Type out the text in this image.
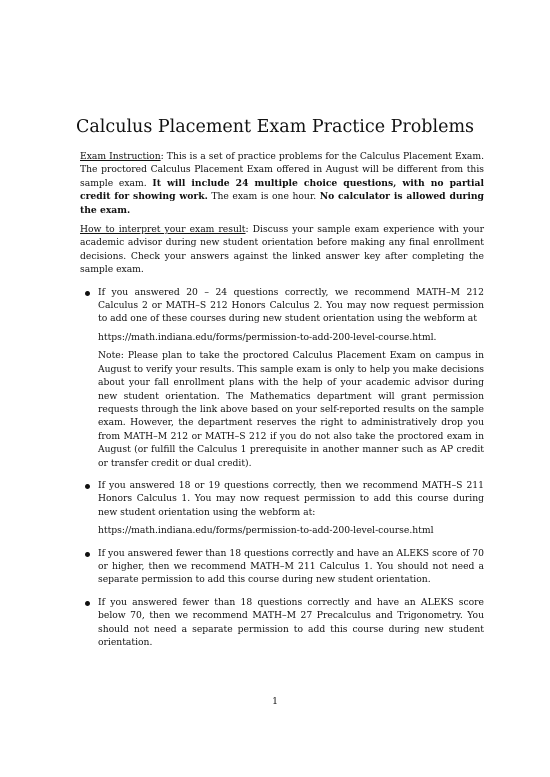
Calculus Placement Exam Practice Problems

Exam Instruction: This is a set of practice problems for the Calculus Placement Exam. The proctored Calculus Placement Exam offered in August will be different from this sample exam. It will include 24 multiple choice questions, with no partial credit for showing work. The exam is one hour. No calculator is allowed during the exam.

How to interpret your exam result: Discuss your sample exam experience with your academic advisor during new student orientation before making any final enrollment decisions. Check your answers against the linked answer key after completing the sample exam.

If you answered 20 – 24 questions correctly, we recommend MATH–M 212 Calculus 2 or MATH–S 212 Honors Calculus 2. You may now request permission to add one of these courses during new student orientation using the webform at

https://math.indiana.edu/forms/permission-to-add-200-level-course.html.

Note: Please plan to take the proctored Calculus Placement Exam on campus in August to verify your results. This sample exam is only to help you make decisions about your fall enrollment plans with the help of your academic advisor during new student orientation. The Mathematics department will grant permission requests through the link above based on your self-reported results on the sample exam. However, the department reserves the right to administratively drop you from MATH–M 212 or MATH–S 212 if you do not also take the proctored exam in August (or fulfill the Calculus 1 prerequisite in another manner such as AP credit or transfer credit or dual credit).

If you answered 18 or 19 questions correctly, then we recommend MATH–S 211 Honors Calculus 1. You may now request permission to add this course during new student orientation using the webform at:

https://math.indiana.edu/forms/permission-to-add-200-level-course.html

If you answered fewer than 18 questions correctly and have an ALEKS score of 70 or higher, then we recommend MATH–M 211 Calculus 1. You should not need a separate permission to add this course during new student orientation.

If you answered fewer than 18 questions correctly and have an ALEKS score below 70, then we recommend MATH–M 27 Precalculus and Trigonometry. You should not need a separate permission to add this course during new student orientation.

1
